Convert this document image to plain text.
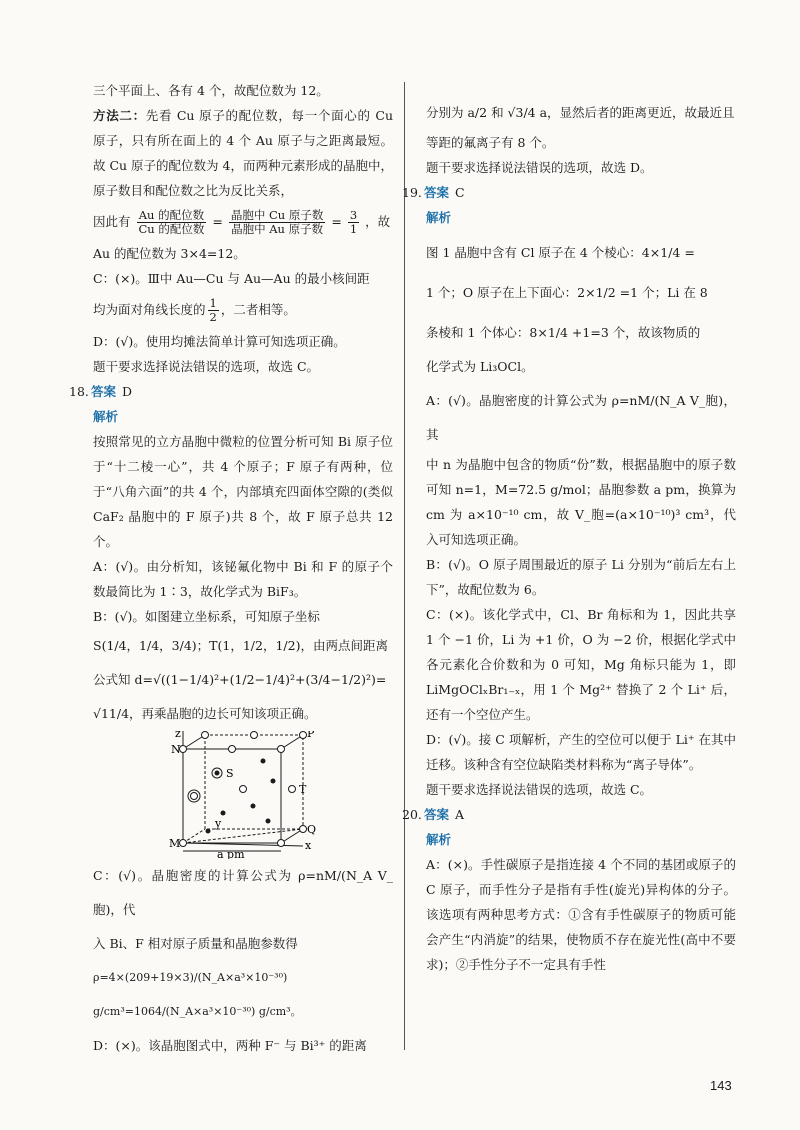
三个平面上、各有 4 个，故配位数为 12。
方法二：先看 Cu 原子的配位数，每一个面心的 Cu 原子，只有所在面上的 4 个 Au 原子与之距离最短。故 Cu 原子的配位数为 4，而两种元素形成的晶胞中，原子数目和配位数之比为反比关系，
因此有 $\frac{\text{Au 的配位数}}{\text{Cu 的配位数}} = \frac{\text{晶胞中 Cu 原子数}}{\text{晶胞中 Au 原子数}} = \frac{3}{1}$ ，故
Au 的配位数为 3×4=12。
C：(×)。Ⅲ中 Au—Cu 与 Au—Au 的最小核间距
均为面对角线长度的 $\frac{1}{2}$ ，二者相等。
D：(√)。使用均摊法简单计算可知选项正确。
题干要求选择说法错误的选项，故选 C。
18. 答案 D
解析
按照常见的立方晶胞中微粒的位置分析可知 Bi 原子位于“十二棱一心”，共 4 个原子；F 原子有两种，位于“八角六面”的共 4 个，内部填充四面体空隙的(类似 CaF₂ 晶胞中的 F 原子)共 8 个，故 F 原子总共 12 个。
A：(√)。由分析知，该铋氟化物中 Bi 和 F 的原子个数最简比为 1∶3，故化学式为 BiF₃。
B：(√)。如图建立坐标系，可知原子坐标
S(1/4，1/4，3/4)；T(1，1/2，1/2)，由两点间距离
公式知 d=√((1−1/4)²+(1/2−1/4)²+(3/4−1/2)²)=
√11/4，再乘晶胞的边长可知该项正确。
z	P
N
S
T
Q
M	x
y
a pm
C：(√)。晶胞密度的计算公式为 ρ=nM/(N_A V_胞)，代
入 Bi、F 相对原子质量和晶胞参数得
ρ=4×(209+19×3)/(N_A×a³×10⁻³⁰) g/cm³=1064/(N_A×a³×10⁻³⁰) g/cm³。
D：(×)。该晶胞图式中，两种 F⁻ 与 Bi³⁺ 的距离
分别为 a/2 和 √3/4 a，显然后者的距离更近，故最近且
等距的氟离子有 8 个。
题干要求选择说法错误的选项，故选 D。
19. 答案 C
解析
图 1 晶胞中含有 Cl 原子在 4 个棱心：4×1/4 =
1 个；O 原子在上下面心：2×1/2 =1 个；Li 在 8
条棱和 1 个体心：8×1/4 +1=3 个，故该物质的
化学式为 Li₃OCl。
A：(√)。晶胞密度的计算公式为 ρ=nM/(N_A V_胞)，其
中 n 为晶胞中包含的物质“份”数，根据晶胞中的原子数可知 n=1，M=72.5 g/mol；晶胞参数 a pm，换算为 cm 为 a×10⁻¹⁰ cm，故 V_胞=(a×10⁻¹⁰)³ cm³，代入可知选项正确。
B：(√)。O 原子周围最近的原子 Li 分别为“前后左右上下”，故配位数为 6。
C：(×)。该化学式中，Cl、Br 角标和为 1，因此共享 1 个 −1 价，Li 为 +1 价，O 为 −2 价，根据化学式中各元素化合价数和为 0 可知，Mg 角标只能为 1，即 LiMgOClₓBr₁₋ₓ，用 1 个 Mg²⁺ 替换了 2 个 Li⁺ 后，还有一个空位产生。
D：(√)。接 C 项解析，产生的空位可以便于 Li⁺ 在其中迁移。该种含有空位缺陷类材料称为“离子导体”。
题干要求选择说法错误的选项，故选 C。
20. 答案 A
解析
A：(×)。手性碳原子是指连接 4 个不同的基团或原子的 C 原子，而手性分子是指有手性(旋光)异构体的分子。该选项有两种思考方式：①含有手性碳原子的物质可能会产生“内消旋”的结果，使物质不存在旋光性(高中不要求)；②手性分子不一定具有手性
143
